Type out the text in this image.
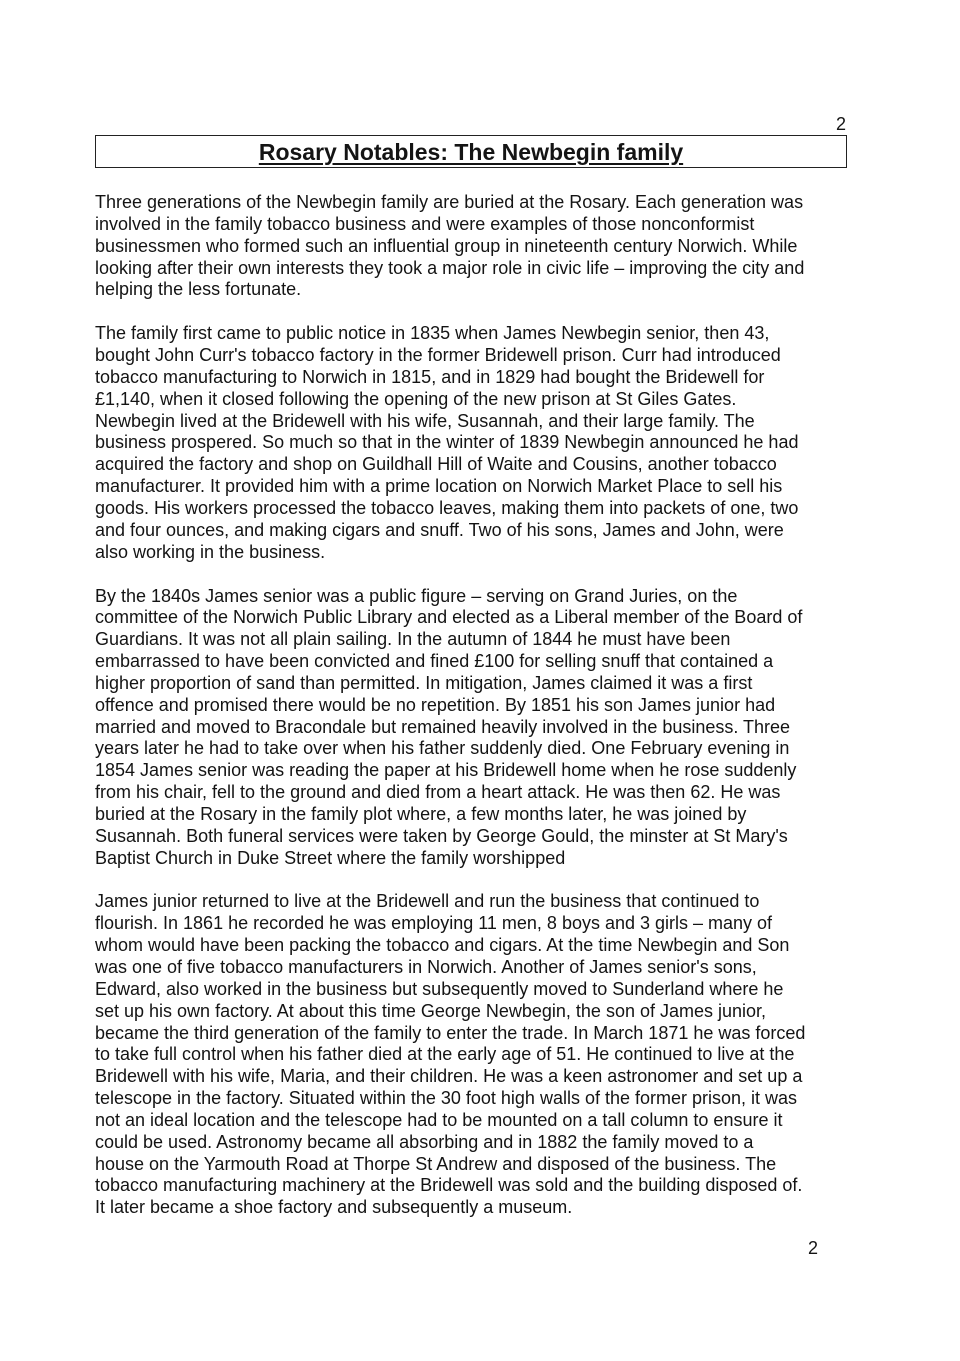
2
Rosary Notables: The Newbegin family

Three generations of the Newbegin family are buried at the Rosary. Each generation was
involved in the family tobacco business and were examples of those nonconformist
businessmen who formed such an influential group in nineteenth century Norwich. While
looking after their own interests they took a major role in civic life – improving the city and
helping the less fortunate.

The family first came to public notice in 1835 when James Newbegin senior, then 43,
bought John Curr's tobacco factory in the former Bridewell prison. Curr had introduced
tobacco manufacturing to Norwich in 1815, and in 1829 had bought the Bridewell for
£1,140, when it closed following the opening of the new prison at St Giles Gates.
Newbegin lived at the Bridewell with his wife, Susannah, and their large family. The
business prospered. So much so that in the winter of 1839 Newbegin announced he had
acquired the factory and shop on Guildhall Hill of Waite and Cousins, another tobacco
manufacturer. It provided him with a prime location on Norwich Market Place to sell his
goods. His workers processed the tobacco leaves, making them into packets of one, two
and four ounces, and making cigars and snuff. Two of his sons, James and John, were
also working in the business.

By the 1840s James senior was a public figure – serving on Grand Juries, on the
committee of the Norwich Public Library and elected as a Liberal member of the Board of
Guardians. It was not all plain sailing. In the autumn of 1844 he must have been
embarrassed to have been convicted and fined £100 for selling snuff that contained a
higher proportion of sand than permitted. In mitigation, James claimed it was a first
offence and promised there would be no repetition. By 1851 his son James junior had
married and moved to Bracondale but remained heavily involved in the business. Three
years later he had to take over when his father suddenly died. One February evening in
1854 James senior was reading the paper at his Bridewell home when he rose suddenly
from his chair, fell to the ground and died from a heart attack. He was then 62. He was
buried at the Rosary in the family plot where, a few months later, he was joined by
Susannah. Both funeral services were taken by George Gould, the minster at St Mary's
Baptist Church in Duke Street where the family worshipped

James junior returned to live at the Bridewell and run the business that continued to
flourish. In 1861 he recorded he was employing 11 men, 8 boys and 3 girls – many of
whom would have been packing the tobacco and cigars. At the time Newbegin and Son
was one of five tobacco manufacturers in Norwich. Another of James senior's sons,
Edward, also worked in the business but subsequently moved to Sunderland where he
set up his own factory. At about this time George Newbegin, the son of James junior,
became the third generation of the family to enter the trade. In March 1871 he was forced
to take full control when his father died at the early age of 51. He continued to live at the
Bridewell with his wife, Maria, and their children. He was a keen astronomer and set up a
telescope in the factory. Situated within the 30 foot high walls of the former prison, it was
not an ideal location and the telescope had to be mounted on a tall column to ensure it
could be used. Astronomy became all absorbing and in 1882 the family moved to a
house on the Yarmouth Road at Thorpe St Andrew and disposed of the business. The
tobacco manufacturing machinery at the Bridewell was sold and the building disposed of.
It later became a shoe factory and subsequently a museum.

2
